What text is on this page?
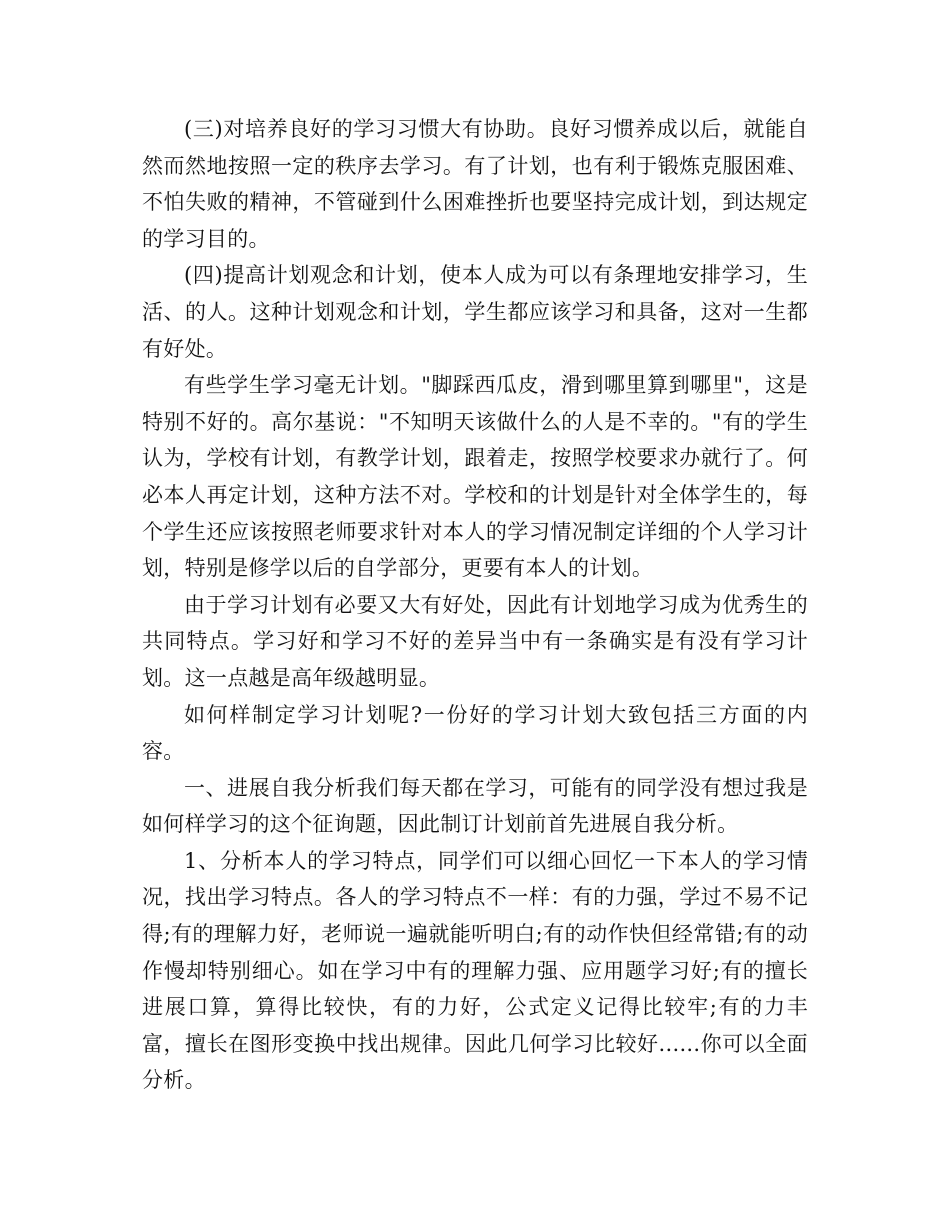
(三)对培养良好的学习习惯大有协助。良好习惯养成以后，就能自然而然地按照一定的秩序去学习。有了计划，也有利于锻炼克服困难、不怕失败的精神，不管碰到什么困难挫折也要坚持完成计划，到达规定的学习目的。

(四)提高计划观念和计划，使本人成为可以有条理地安排学习，生活、的人。这种计划观念和计划，学生都应该学习和具备，这对一生都有好处。

有些学生学习毫无计划。"脚踩西瓜皮，滑到哪里算到哪里"，这是特别不好的。高尔基说："不知明天该做什么的人是不幸的。"有的学生认为，学校有计划，有教学计划，跟着走，按照学校要求办就行了。何必本人再定计划，这种方法不对。学校和的计划是针对全体学生的，每个学生还应该按照老师要求针对本人的学习情况制定详细的个人学习计划，特别是修学以后的自学部分，更要有本人的计划。

由于学习计划有必要又大有好处，因此有计划地学习成为优秀生的共同特点。学习好和学习不好的差异当中有一条确实是有没有学习计划。这一点越是高年级越明显。

如何样制定学习计划呢?一份好的学习计划大致包括三方面的内容。

一、进展自我分析我们每天都在学习，可能有的同学没有想过我是如何样学习的这个征询题，因此制订计划前首先进展自我分析。

1、分析本人的学习特点，同学们可以细心回忆一下本人的学习情况，找出学习特点。各人的学习特点不一样：有的力强，学过不易不记得;有的理解力好，老师说一遍就能听明白;有的动作快但经常错;有的动作慢却特别细心。如在学习中有的理解力强、应用题学习好;有的擅长进展口算，算得比较快，有的力好，公式定义记得比较牢;有的力丰富，擅长在图形变换中找出规律。因此几何学习比较好......你可以全面分析。
